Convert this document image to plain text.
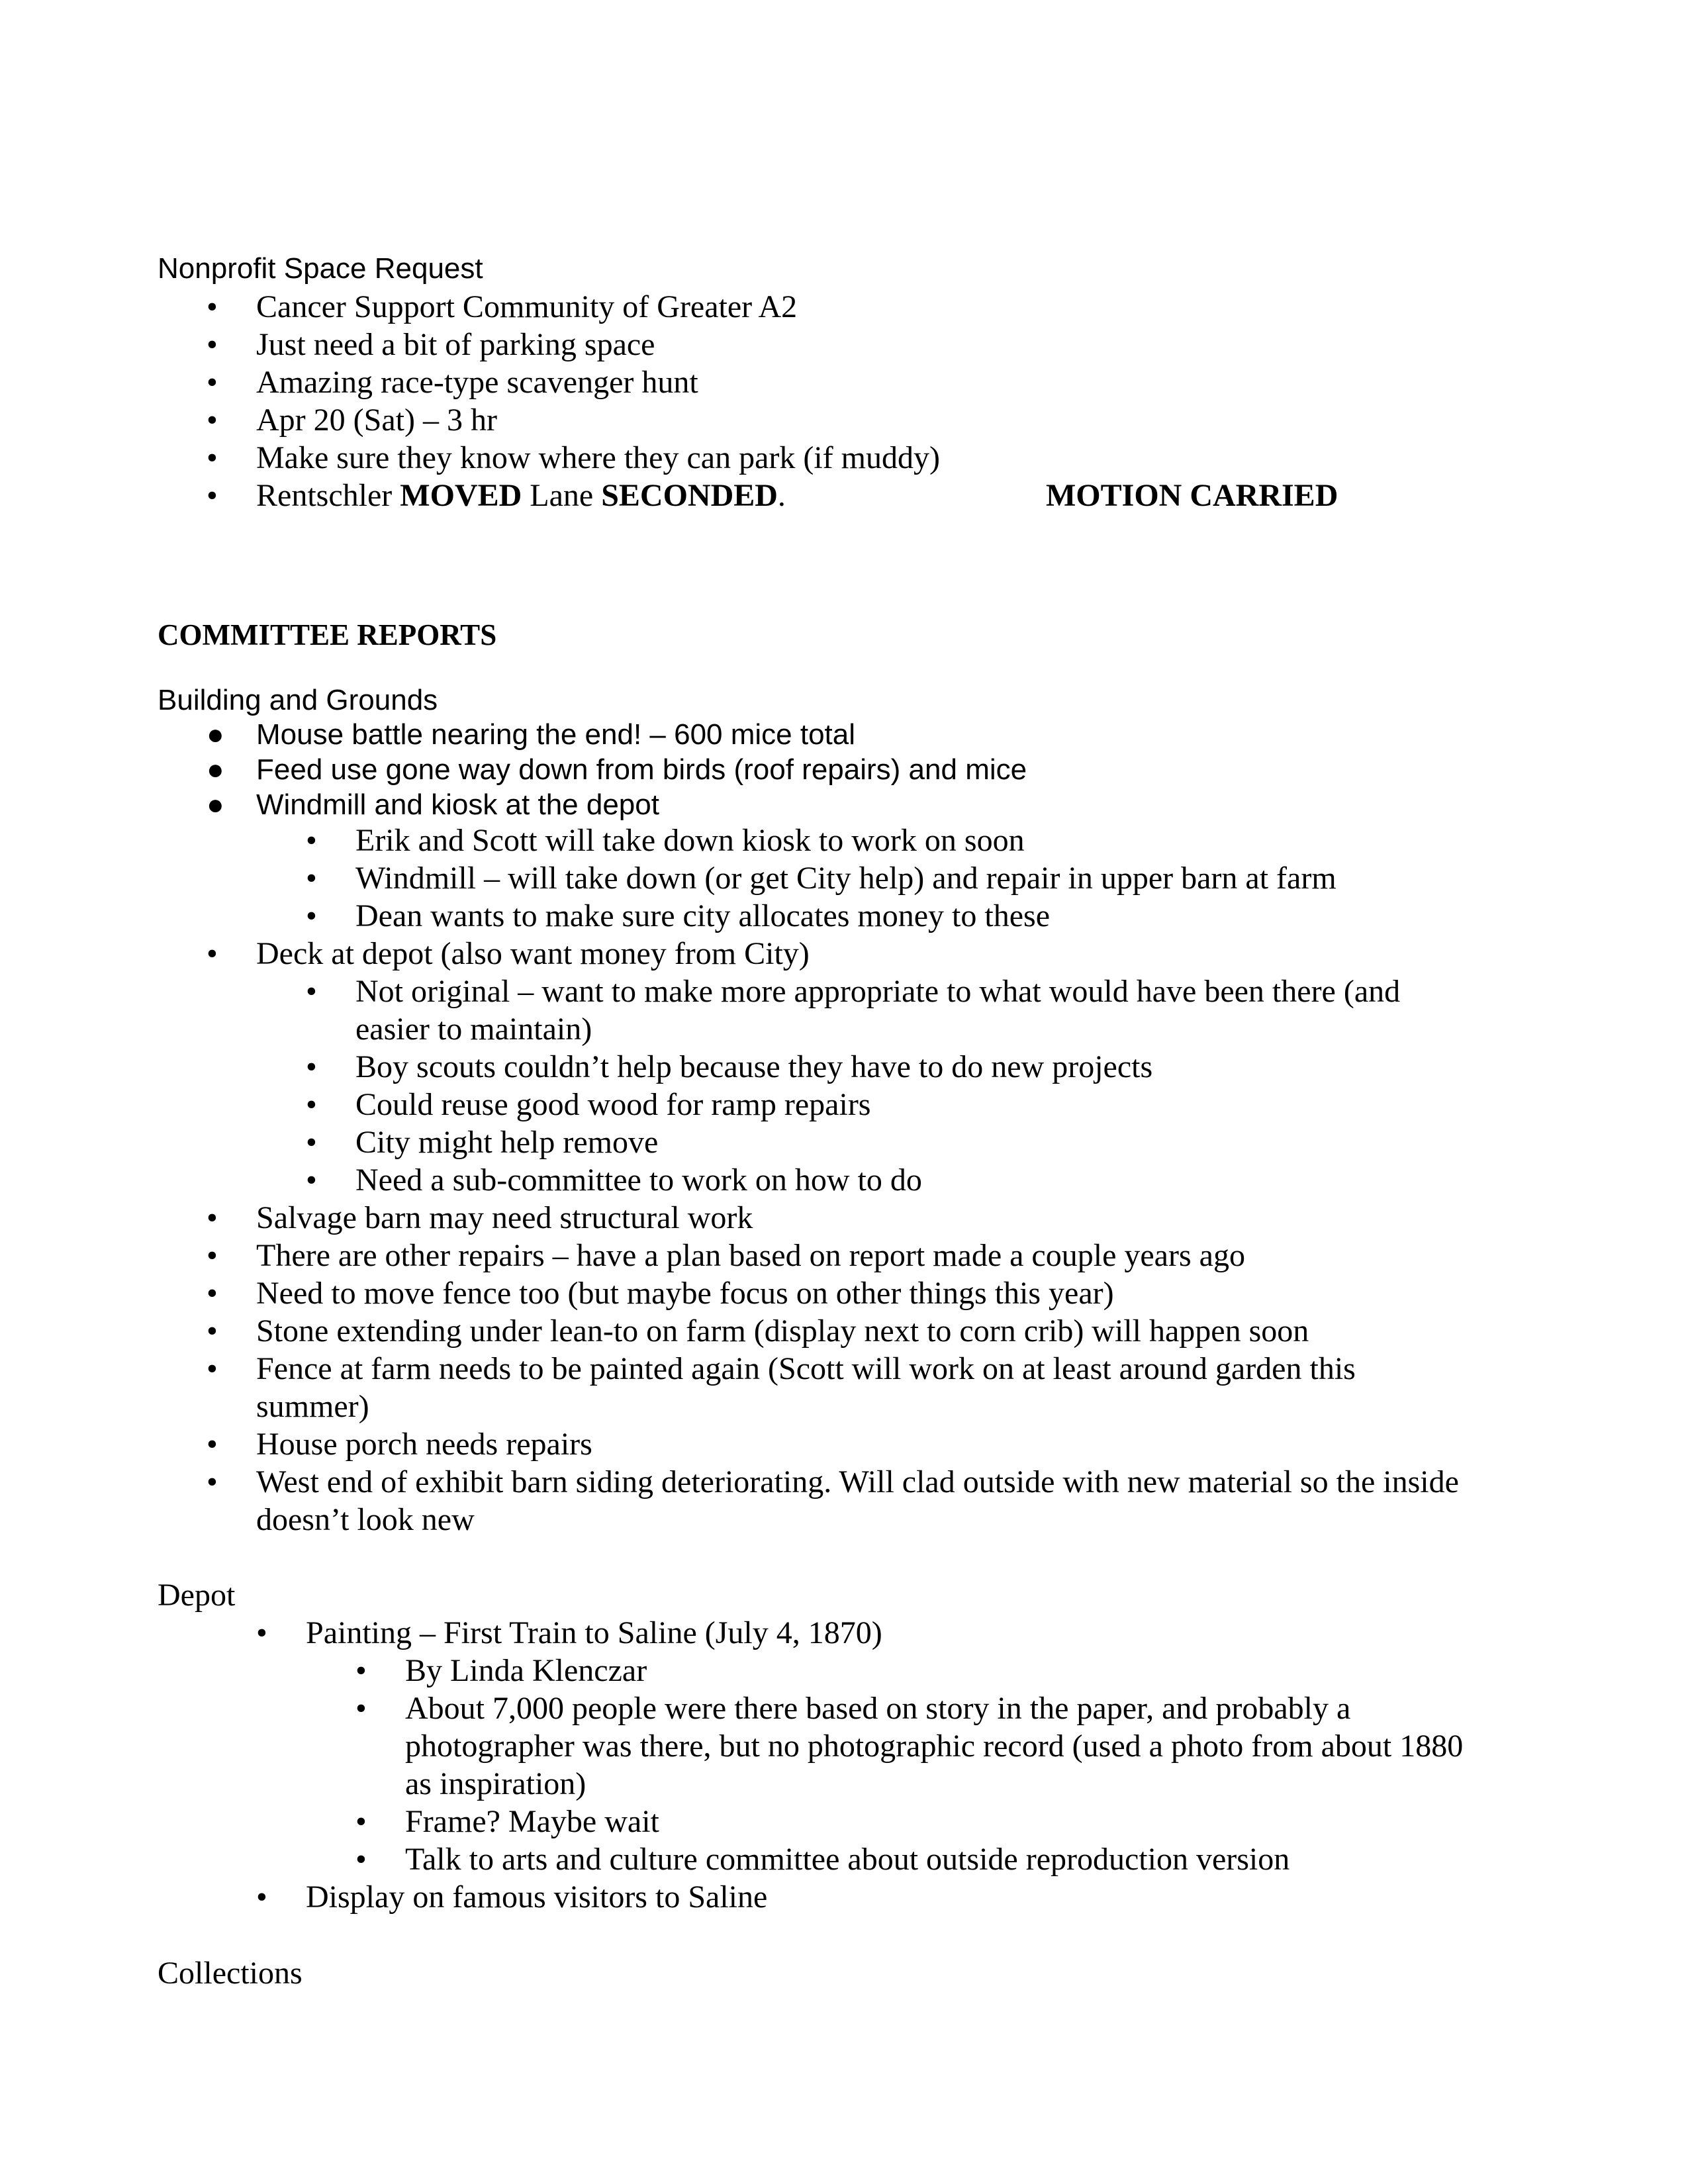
Nonprofit Space Request
• Cancer Support Community of Greater A2
• Just need a bit of parking space
• Amazing race-type scavenger hunt
• Apr 20 (Sat) – 3 hr
• Make sure they know where they can park (if muddy)
• Rentschler MOVED Lane SECONDED.	MOTION CARRIED
COMMITTEE REPORTS
Building and Grounds
● Mouse battle nearing the end! – 600 mice total
● Feed use gone way down from birds (roof repairs) and mice
● Windmill and kiosk at the depot
• Erik and Scott will take down kiosk to work on soon
• Windmill – will take down (or get City help) and repair in upper barn at farm
• Dean wants to make sure city allocates money to these
• Deck at depot (also want money from City)
• Not original – want to make more appropriate to what would have been there (and
easier to maintain)
• Boy scouts couldn’t help because they have to do new projects
• Could reuse good wood for ramp repairs
• City might help remove
• Need a sub-committee to work on how to do
• Salvage barn may need structural work
• There are other repairs – have a plan based on report made a couple years ago
• Need to move fence too (but maybe focus on other things this year)
• Stone extending under lean-to on farm (display next to corn crib) will happen soon
• Fence at farm needs to be painted again (Scott will work on at least around garden this
summer)
• House porch needs repairs
• West end of exhibit barn siding deteriorating. Will clad outside with new material so the inside
doesn’t look new
Depot
• Painting – First Train to Saline (July 4, 1870)
• By Linda Klenczar
• About 7,000 people were there based on story in the paper, and probably a
photographer was there, but no photographic record (used a photo from about 1880
as inspiration)
• Frame? Maybe wait
• Talk to arts and culture committee about outside reproduction version
• Display on famous visitors to Saline
Collections
